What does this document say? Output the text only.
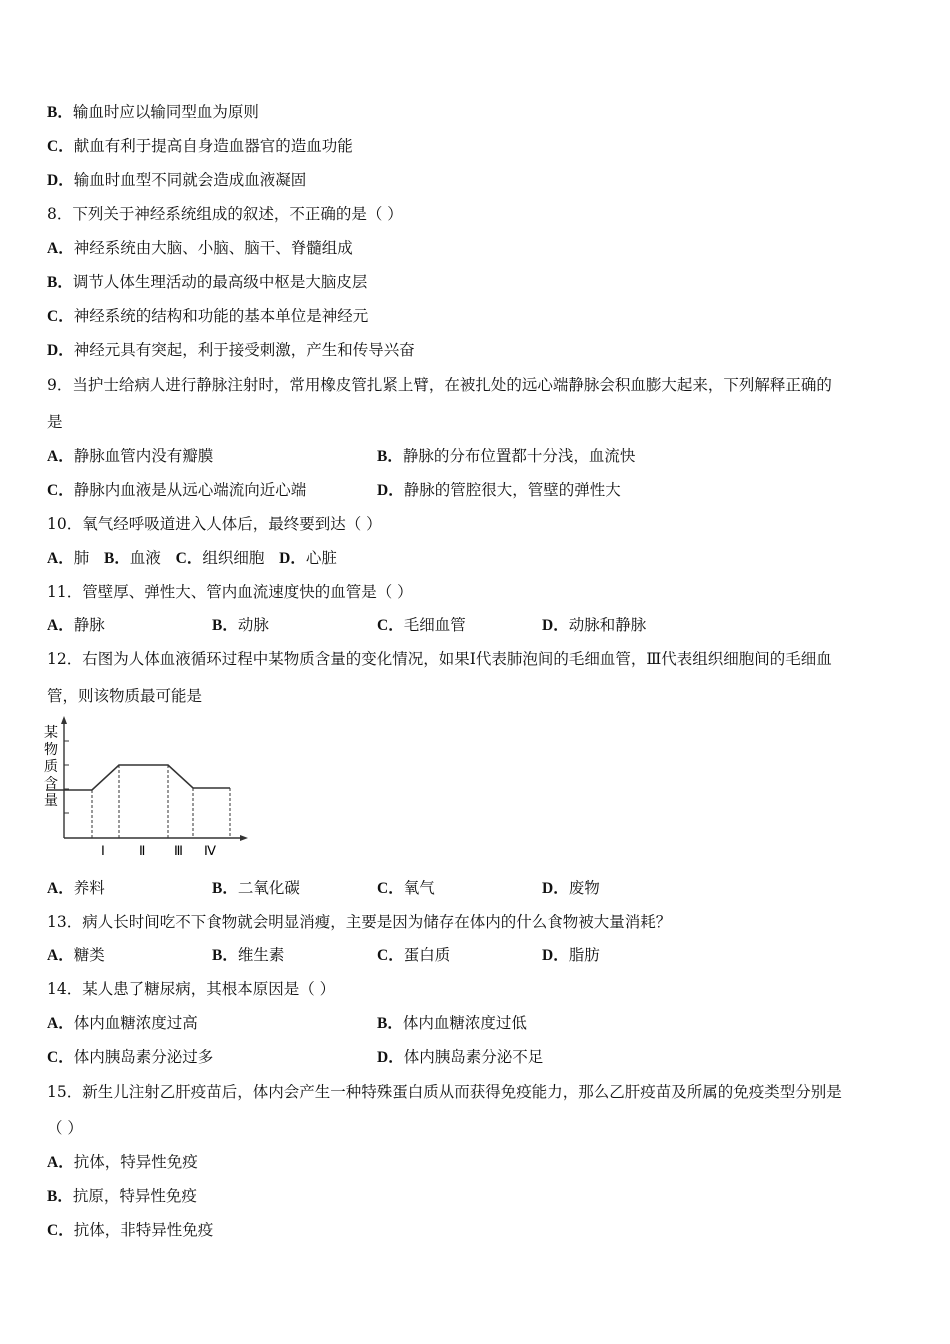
B．输血时应以输同型血为原则
C．献血有利于提高自身造血器官的造血功能
D．输血时血型不同就会造成血液凝固
8．下列关于神经系统组成的叙述，不正确的是（ ）
A．神经系统由大脑、小脑、脑干、脊髓组成
B．调节人体生理活动的最高级中枢是大脑皮层
C．神经系统的结构和功能的基本单位是神经元
D．神经元具有突起，利于接受刺激，产生和传导兴奋
9．当护士给病人进行静脉注射时，常用橡皮管扎紧上臂，在被扎处的远心端静脉会积血膨大起来，下列解释正确的
是
A．静脉血管内没有瓣膜	B．静脉的分布位置都十分浅，血流快
C．静脉内血液是从远心端流向近心端	D．静脉的管腔很大，管壁的弹性大
10．氧气经呼吸道进入人体后，最终要到达（ ）
A．肺 B．血液 C．组织细胞 D．心脏
11．管壁厚、弹性大、管内血流速度快的血管是（ ）
A．静脉	B．动脉	C．毛细血管	D．动脉和静脉
12．右图为人体血液循环过程中某物质含量的变化情况，如果Ⅰ代表肺泡间的毛细血管，Ⅲ代表组织细胞间的毛细血
管，则该物质最可能是
某
物
质
含
量
Ⅰ	Ⅱ Ⅲ Ⅳ
A．养料	B．二氧化碳	C．氧气	D．废物
13．病人长时间吃不下食物就会明显消瘦，主要是因为储存在体内的什么食物被大量消耗？
A．糖类	B．维生素	C．蛋白质	D．脂肪
14．某人患了糖尿病，其根本原因是（ ）
A．体内血糖浓度过高	B．体内血糖浓度过低
C．体内胰岛素分泌过多	D．体内胰岛素分泌不足
15．新生儿注射乙肝疫苗后，体内会产生一种特殊蛋白质从而获得免疫能力，那么乙肝疫苗及所属的免疫类型分别是
（ ）
A．抗体，特异性免疫
B．抗原，特异性免疫
C．抗体，非特异性免疫
